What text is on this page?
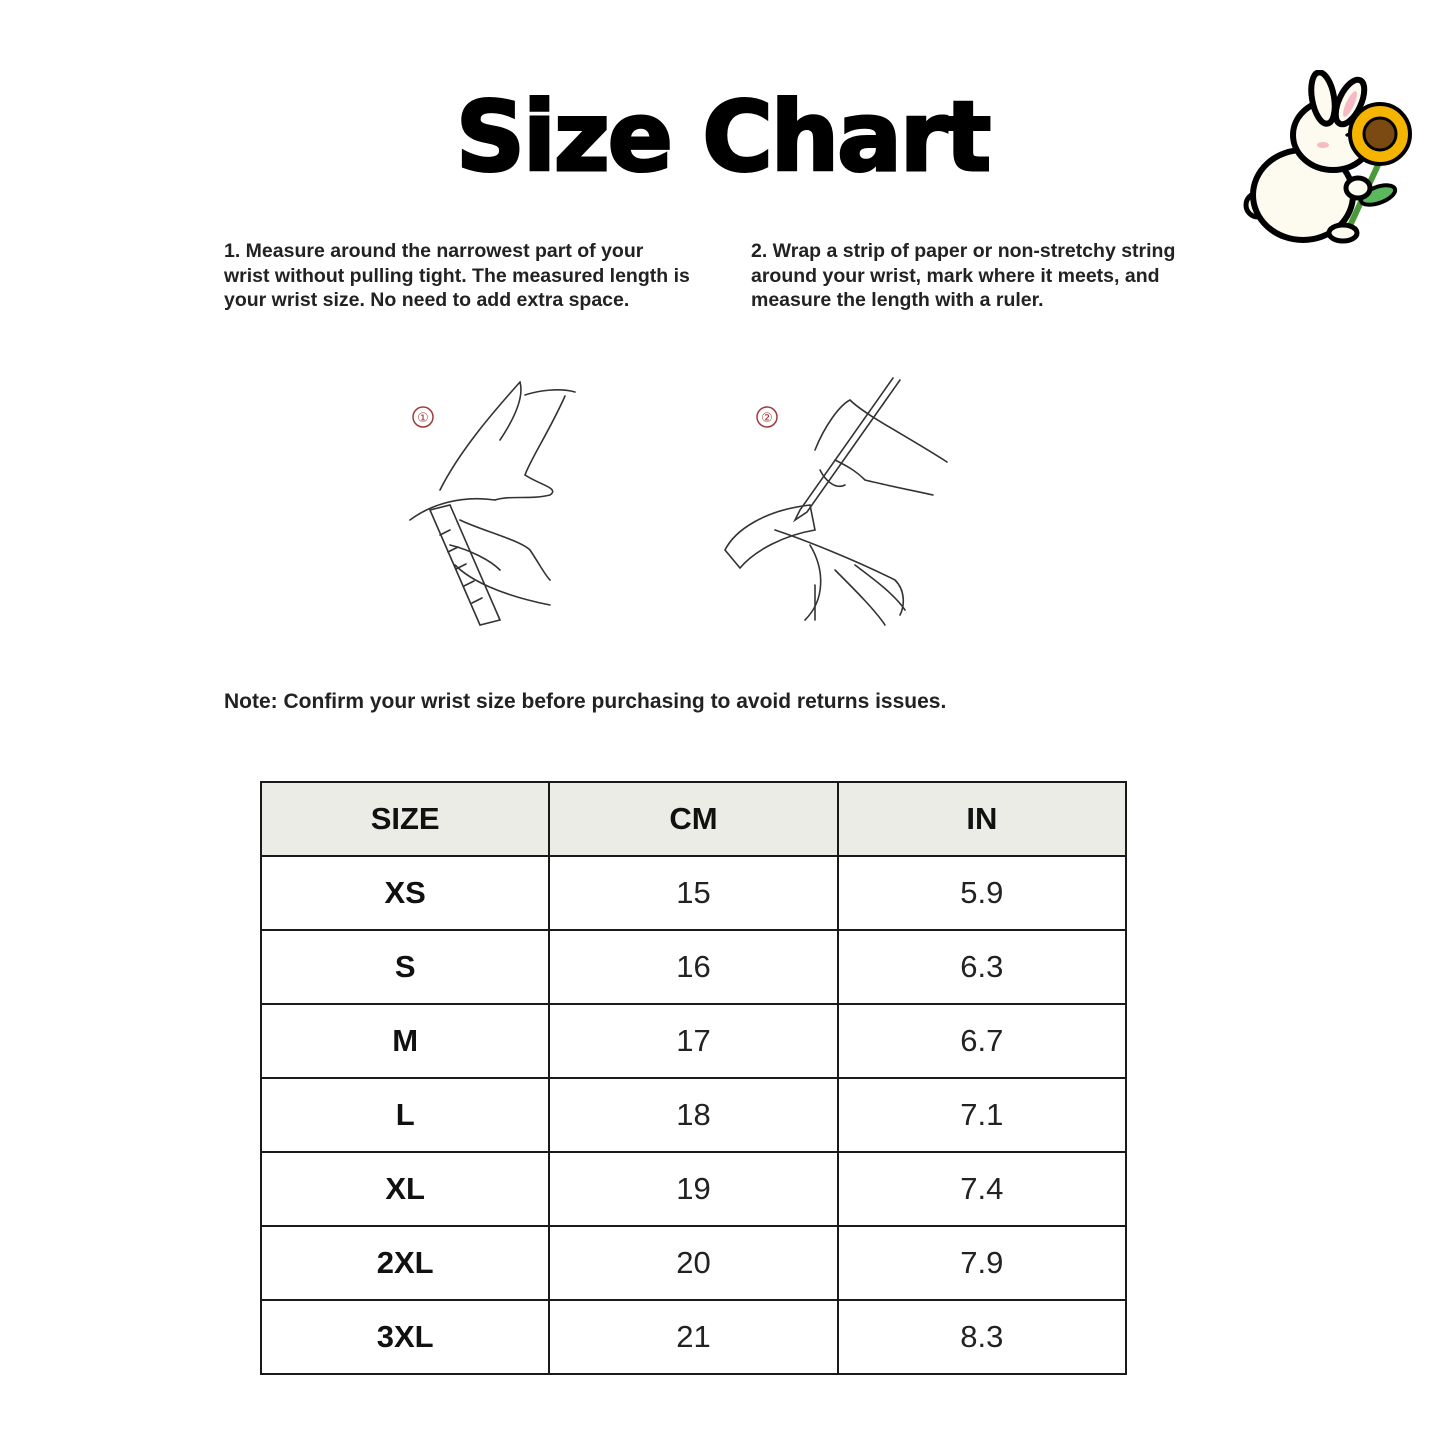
Size Chart
1. Measure around the narrowest part of your wrist without pulling tight. The measured length is your wrist size. No need to add extra space.
2. Wrap a strip of paper or non-stretchy string around your wrist, mark where it meets, and measure the length with a ruler.
①	②
Note: Confirm your wrist size before purchasing to avoid returns issues.
SIZE	CM	IN
XS	15	5.9
S	16	6.3
M	17	6.7
L	18	7.1
XL	19	7.4
2XL	20	7.9
3XL	21	8.3
